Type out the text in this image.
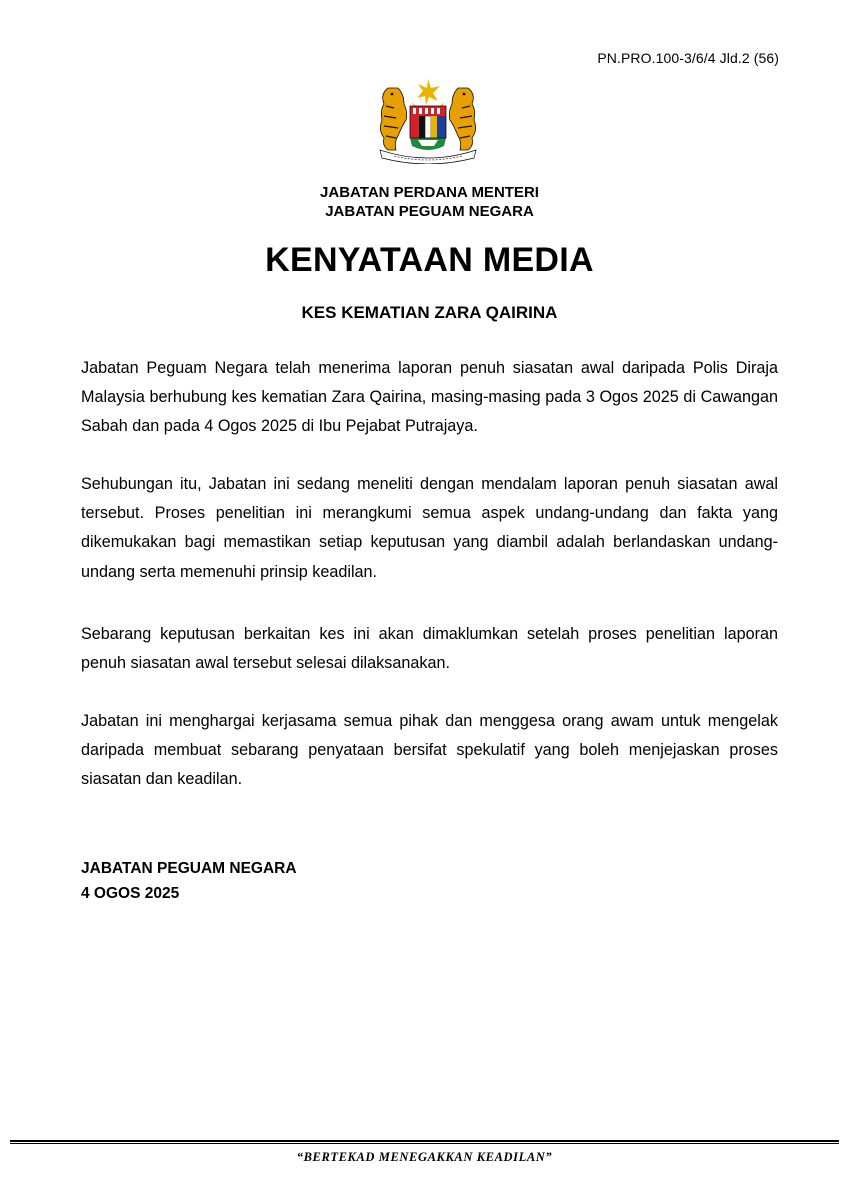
PN.PRO.100-3/6/4 Jld.2 (56)
JABATAN PERDANA MENTERI
JABATAN PEGUAM NEGARA
KENYATAAN MEDIA
KES KEMATIAN ZARA QAIRINA
Jabatan Peguam Negara telah menerima laporan penuh siasatan awal daripada Polis Diraja Malaysia berhubung kes kematian Zara Qairina, masing-masing pada 3 Ogos 2025 di Cawangan Sabah dan pada 4 Ogos 2025 di Ibu Pejabat Putrajaya.
Sehubungan itu, Jabatan ini sedang meneliti dengan mendalam laporan penuh siasatan awal tersebut. Proses penelitian ini merangkumi semua aspek undang-undang dan fakta yang dikemukakan bagi memastikan setiap keputusan yang diambil adalah berlandaskan undang-undang serta memenuhi prinsip keadilan.
Sebarang keputusan berkaitan kes ini akan dimaklumkan setelah proses penelitian laporan penuh siasatan awal tersebut selesai dilaksanakan.
Jabatan ini menghargai kerjasama semua pihak dan menggesa orang awam untuk mengelak daripada membuat sebarang penyataan bersifat spekulatif yang boleh menjejaskan proses siasatan dan keadilan.
JABATAN PEGUAM NEGARA
4 OGOS 2025
“BERTEKAD MENEGAKKAN KEADILAN”
